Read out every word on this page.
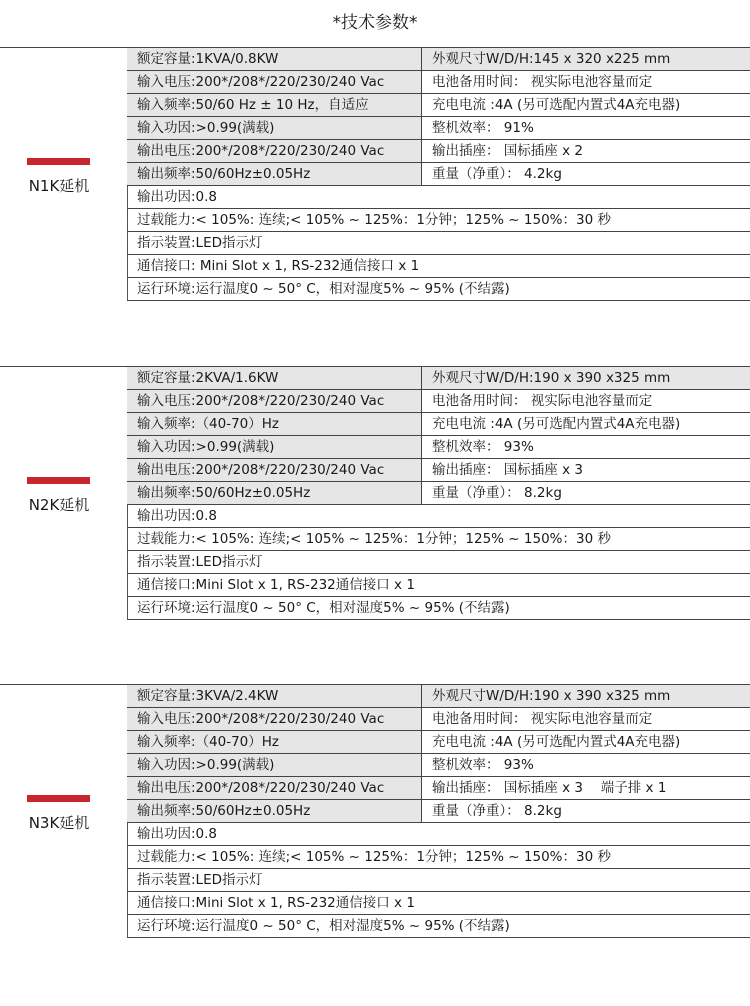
*技术参数*
N1K延机
额定容量:1KVA/0.8KW	外观尺寸W/D/H:145 x 320 x225 mm
输入电压:200*/208*/220/230/240 Vac	电池备用时间： 视实际电池容量而定
输入频率:50/60 Hz ± 10 Hz，自适应	充电电流 :4A (另可选配内置式4A充电器)
输入功因:>0.99(满载)	整机效率： 91%
输出电压:200*/208*/220/230/240 Vac	输出插座： 国标插座 x 2
输出频率:50/60Hz±0.05Hz	重量（净重）： 4.2kg
输出功因:0.8
过载能力:< 105%: 连续;< 105% ~ 125%：1分钟；125% ~ 150%：30 秒
指示装置:LED指示灯
通信接口: Mini Slot x 1, RS-232通信接口 x 1
运行环境:运行温度0 ~ 50° C，相对湿度5% ~ 95% (不结露)
N2K延机
额定容量:2KVA/1.6KW	外观尺寸W/D/H:190 x 390 x325 mm
输入电压:200*/208*/220/230/240 Vac	电池备用时间： 视实际电池容量而定
输入频率:（40-70）Hz	充电电流 :4A (另可选配内置式4A充电器)
输入功因:>0.99(满载)	整机效率： 93%
输出电压:200*/208*/220/230/240 Vac	输出插座： 国标插座 x 3
输出频率:50/60Hz±0.05Hz	重量（净重）： 8.2kg
输出功因:0.8
过载能力:< 105%: 连续;< 105% ~ 125%：1分钟；125% ~ 150%：30 秒
指示装置:LED指示灯
通信接口:Mini Slot x 1, RS-232通信接口 x 1
运行环境:运行温度0 ~ 50° C，相对湿度5% ~ 95% (不结露)
N3K延机
额定容量:3KVA/2.4KW	外观尺寸W/D/H:190 x 390 x325 mm
输入电压:200*/208*/220/230/240 Vac	电池备用时间： 视实际电池容量而定
输入频率:（40-70）Hz	充电电流 :4A (另可选配内置式4A充电器)
输入功因:>0.99(满载)	整机效率： 93%
输出电压:200*/208*/220/230/240 Vac	输出插座： 国标插座 x 3　 端子排 x 1
输出频率:50/60Hz±0.05Hz	重量（净重）： 8.2kg
输出功因:0.8
过载能力:< 105%: 连续;< 105% ~ 125%：1分钟；125% ~ 150%：30 秒
指示装置:LED指示灯
通信接口:Mini Slot x 1, RS-232通信接口 x 1
运行环境:运行温度0 ~ 50° C，相对湿度5% ~ 95% (不结露)
